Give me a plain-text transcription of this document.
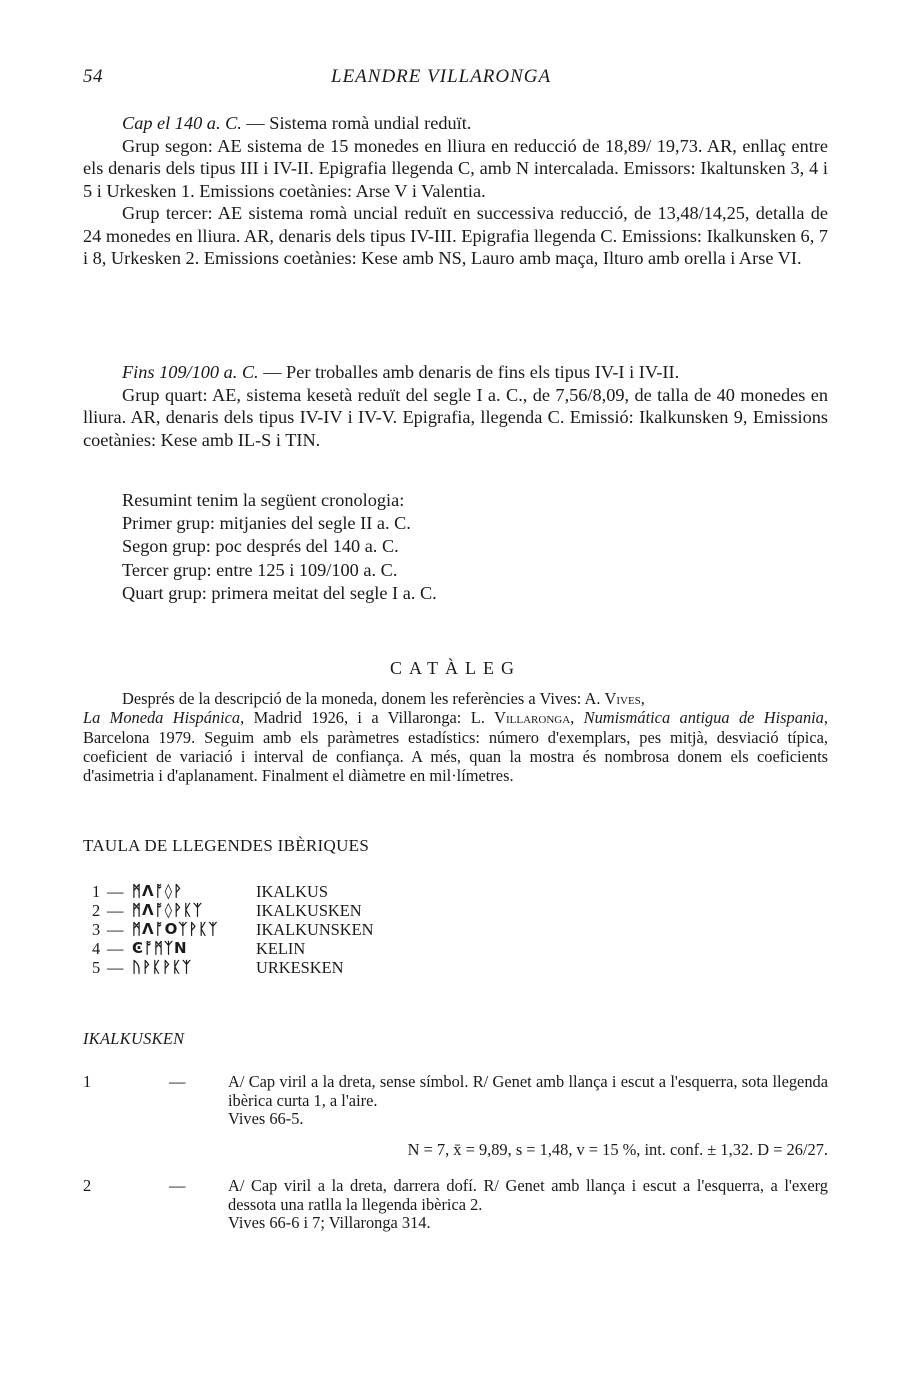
54	LEANDRE VILLARONGA

Cap el 140 a. C. — Sistema romà undial reduït.

Grup segon: AE sistema de 15 monedes en lliura en reducció de 18,89/ 19,73. AR, enllaç entre els denaris dels tipus III i IV-II. Epigrafia llegenda C, amb N intercalada. Emissors: Ikaltunsken 3, 4 i 5 i Urkesken 1. Emissions coetànies: Arse V i Valentia.

Grup tercer: AE sistema romà uncial reduït en successiva reducció, de 13,48/14,25, detalla de 24 monedes en lliura. AR, denaris dels tipus IV-III. Epigrafia llegenda C. Emissions: Ikalkunsken 6, 7 i 8, Urkesken 2. Emissions coetànies: Kese amb NS, Lauro amb maça, Ilturo amb orella i Arse VI.

Fins 109/100 a. C. — Per troballes amb denaris de fins els tipus IV-I i IV-II.

Grup quart: AE, sistema kesetà reduït del segle I a. C., de 7,56/8,09, de talla de 40 monedes en lliura. AR, denaris dels tipus IV-IV i IV-V. Epigrafia, llegenda C. Emissió: Ikalkunsken 9, Emissions coetànies: Kese amb IL-S i TIN.

Resumint tenim la següent cronologia:
Primer grup: mitjanies del segle II a. C.
Segon grup: poc després del 140 a. C.
Tercer grup: entre 125 i 109/100 a. C.
Quart grup: primera meitat del segle I a. C.
CATÀLEG

Després de la descripció de la moneda, donem les referències a Vives: A. Vives,
La Moneda Hispánica, Madrid 1926, i a Villaronga: L. Villaronga, Numismática antigua de Hispania, Barcelona 1979. Seguim amb els paràmetres estadístics: número d'exemplars, pes mitjà, desviació típica, coeficient de variació i interval de confiança. A més, quan la mostra és nombrosa donem els coeficients d'asimetria i d'aplanament. Finalment el diàmetre en mil·límetres.

TAULA DE LLEGENDES IBÈRIQUES
1 — ᛗΛᚩ◊ᚹ	IKALKUS
2 — ᛗΛᚩ◊ᚹᛕᛉ	IKALKUSKEN
3 — ᛗΛᚩOᛉᚹᛕᛉ IKALKUNSKEN
4 — ϾᚩᛗᛉN	KELIN
5 — ᚢᚹᛕᚹᛕᛉ	URKESKEN
IKALKUSKEN
1	—	A/ Cap viril a la dreta, sense símbol. R/ Genet amb llança i escut a l'esquerra, sota llegenda ibèrica curta 1, a l'aire.
Vives 66-5.
N = 7, x̄ = 9,89, s = 1,48, v = 15 %, int. conf. ± 1,32. D = 26/27.
2	—	A/ Cap viril a la dreta, darrera dofí. R/ Genet amb llança i escut a l'esquerra, a l'exerg dessota una ratlla la llegenda ibèrica 2.
Vives 66-6 i 7; Villaronga 314.
